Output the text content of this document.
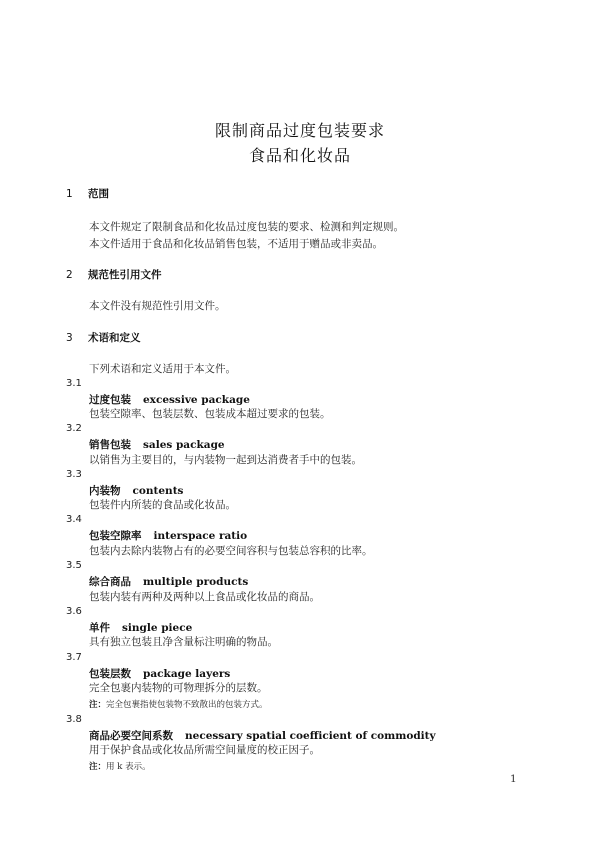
限制商品过度包装要求
食品和化妆品
1 范围
本文件规定了限制食品和化妆品过度包装的要求、检测和判定规则。
本文件适用于食品和化妆品销售包装，不适用于赠品或非卖品。
2 规范性引用文件
本文件没有规范性引用文件。
3 术语和定义
下列术语和定义适用于本文件。
3.1
过度包装 excessive package
包装空隙率、包装层数、包装成本超过要求的包装。
3.2
销售包装 sales package
以销售为主要目的，与内装物一起到达消费者手中的包装。
3.3
内装物 contents
包装件内所装的食品或化妆品。
3.4
包装空隙率 interspace ratio
包装内去除内装物占有的必要空间容积与包装总容积的比率。
3.5
综合商品 multiple products
包装内装有两种及两种以上食品或化妆品的商品。
3.6
单件 single piece
具有独立包装且净含量标注明确的物品。
3.7
包装层数 package layers
完全包裹内装物的可物理拆分的层数。
注：完全包裹指使包装物不致散出的包装方式。
3.8
商品必要空间系数 necessary spatial coefficient of commodity
用于保护食品或化妆品所需空间量度的校正因子。
注：用 k 表示。
1
